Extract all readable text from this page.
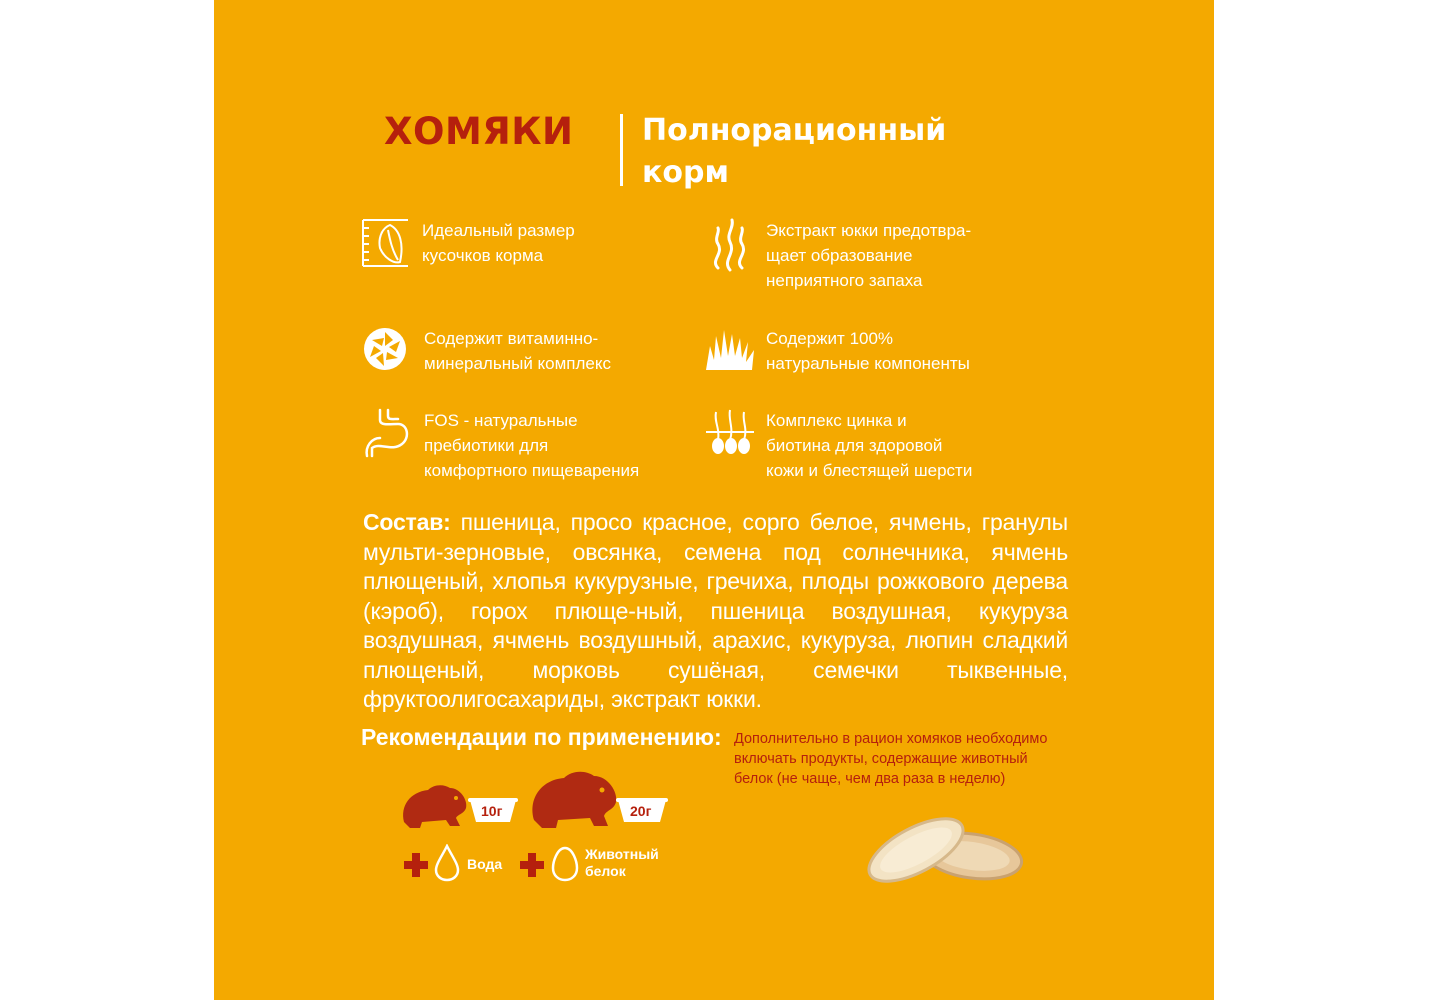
ХОМЯКИ Полнорационный
корм
Идеальный размер
кусочков корма
Экстракт юкки предотвра-
щает образование
неприятного запаха
Содержит витаминно-
минеральный комплекс
Содержит 100%
натуральные компоненты
FOS - натуральные
пребиотики для
комфортного пищеварения
Комплекс цинка и
биотина для здоровой
кожи и блестящей шерсти
Состав: пшеница, просо красное, сорго белое, ячмень, гранулы мульти-зерновые, овсянка, семена под солнечника, ячмень плющеный, хлопья кукурузные, гречиха, плоды рожкового дерева (кэроб), горох плюще-ный, пшеница воздушная, кукуруза воздушная, ячмень воздушный, арахис, кукуруза, люпин сладкий плющеный, морковь сушёная, семечки тыквенные, фруктоолигосахариды, экстракт юкки.
Рекомендации по применению: Дополнительно в рацион хомяков необходимо
включать продукты, содержащие животный
белок (не чаще, чем два раза в неделю)
10г	20г
Вода
Животный
белок
